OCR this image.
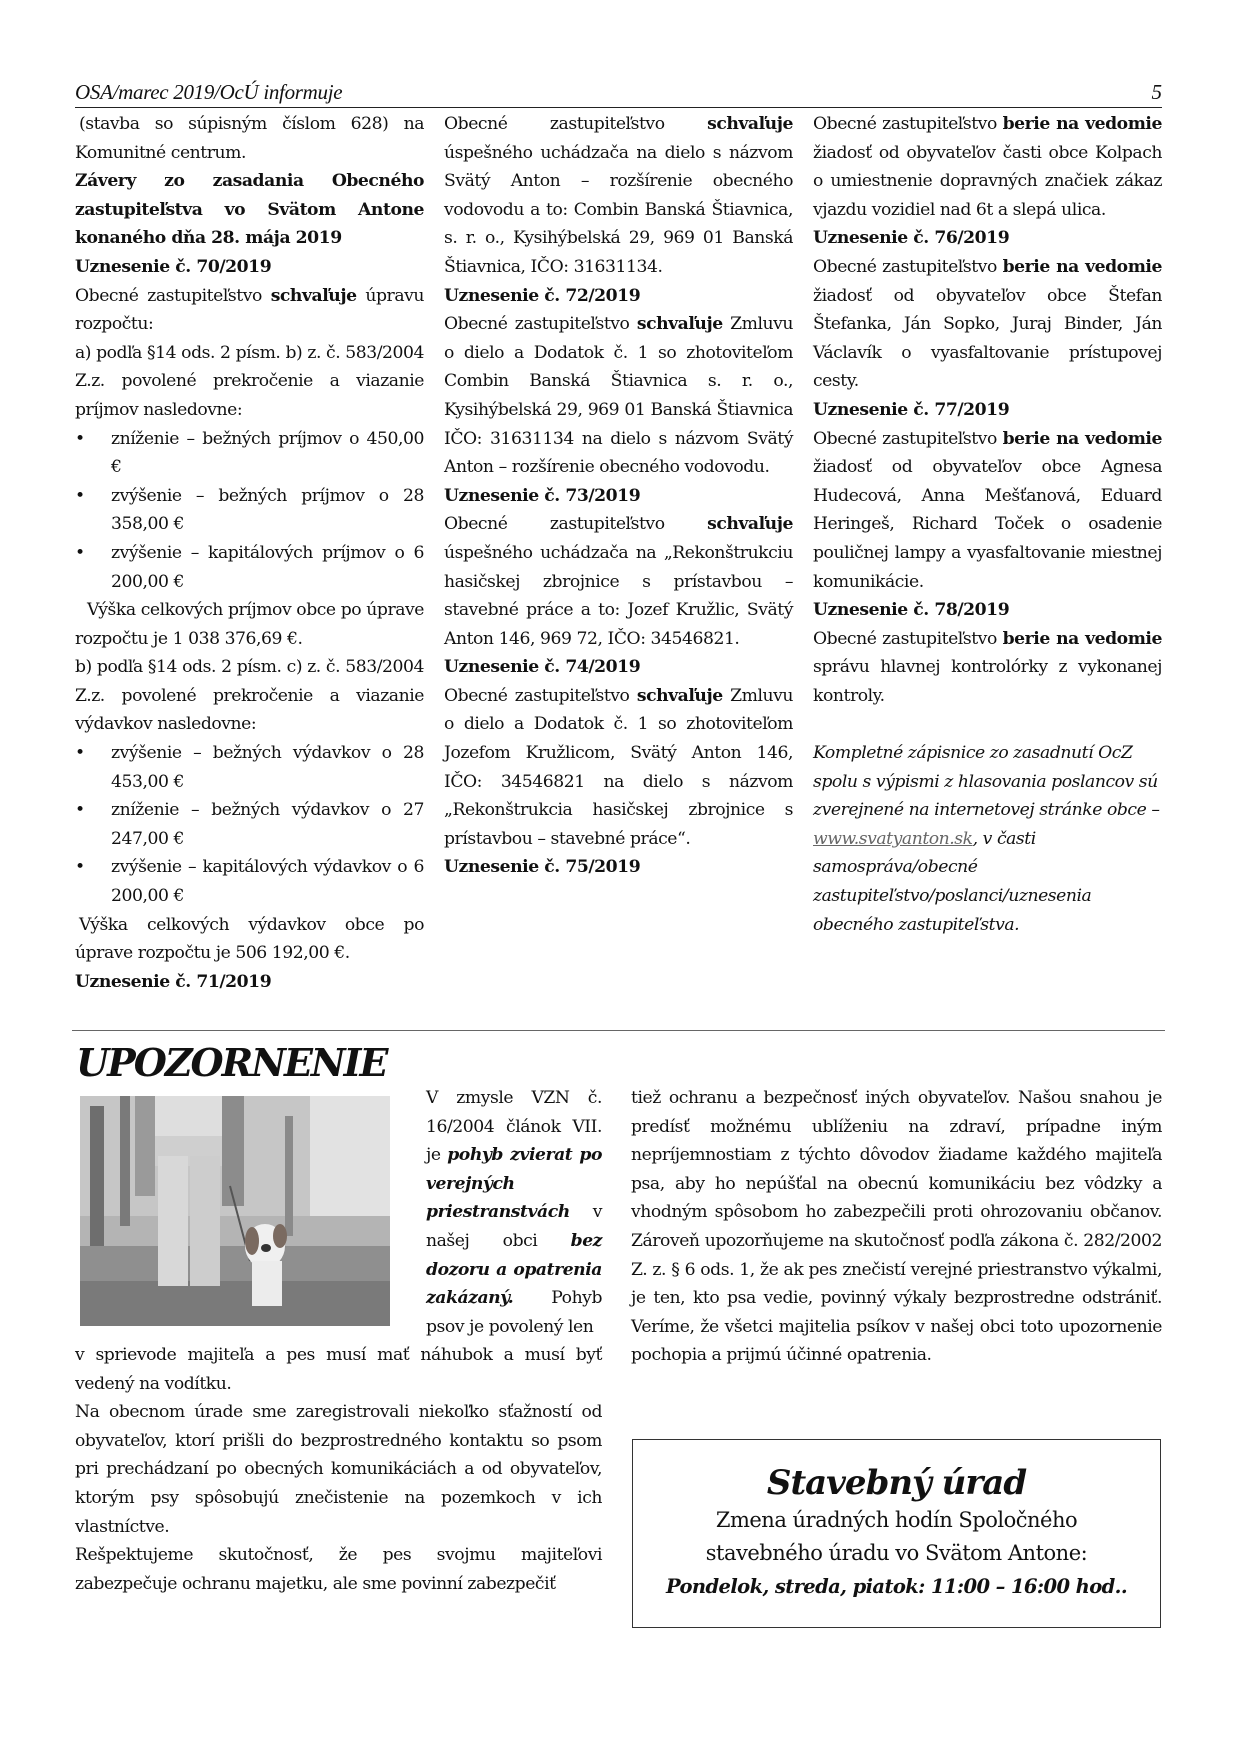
OSA/marec 2019/OcÚ informuje	5

(stavba so súpisným číslom 628) na Komunitné centrum.

Závery zo zasadania Obecného zastupiteľstva vo Svätom Antone konaného dňa 28. mája 2019

Uznesenie č. 70/2019

Obecné zastupiteľstvo schvaľuje úpravu rozpočtu:

a) podľa §14 ods. 2 písm. b) z. č. 583/2004 Z.z. povolené prekročenie a viazanie príjmov nasledovne:

• zníženie – bežných príjmov o 450,00 €
• zvýšenie – bežných príjmov o 28 358,00 €
• zvýšenie – kapitálových príjmov o 6 200,00 €

Výška celkových príjmov obce po úprave rozpočtu je 1 038 376,69 €.

b) podľa §14 ods. 2 písm. c) z. č. 583/2004 Z.z. povolené prekročenie a viazanie výdavkov nasledovne:

• zvýšenie – bežných výdavkov o 28 453,00 €
• zníženie – bežných výdavkov o 27 247,00 €
• zvýšenie – kapitálových výdavkov o 6 200,00 €

Výška celkových výdavkov obce po úprave rozpočtu je 506 192,00 €.

Uznesenie č. 71/2019

Obecné zastupiteľstvo schvaľuje úspešného uchádzača na dielo s názvom Svätý Anton – rozšírenie obecného vodovodu a to: Combin Banská Štiavnica, s. r. o., Kysihýbelská 29, 969 01 Banská Štiavnica, IČO: 31631134.

Uznesenie č. 72/2019

Obecné zastupiteľstvo schvaľuje Zmluvu o dielo a Dodatok č. 1 so zhotoviteľom Combin Banská Štiavnica s. r. o., Kysihýbelská 29, 969 01 Banská Štiavnica IČO: 31631134 na dielo s názvom Svätý Anton – rozšírenie obecného vodovodu.

Uznesenie č. 73/2019

Obecné zastupiteľstvo schvaľuje úspešného uchádzača na „Rekonštrukciu hasičskej zbrojnice s prístavbou – stavebné práce a to: Jozef Kružlic, Svätý Anton 146, 969 72, IČO: 34546821.

Uznesenie č. 74/2019

Obecné zastupiteľstvo schvaľuje Zmluvu o dielo a Dodatok č. 1 so zhotoviteľom Jozefom Kružlicom, Svätý Anton 146, IČO: 34546821 na dielo s názvom „Rekonštrukcia hasičskej zbrojnice s prístavbou – stavebné práce“.

Uznesenie č. 75/2019

Obecné zastupiteľstvo berie na vedomie žiadosť od obyvateľov časti obce Kolpach o umiestnenie dopravných značiek zákaz vjazdu vozidiel nad 6t a slepá ulica.

Uznesenie č. 76/2019

Obecné zastupiteľstvo berie na vedomie žiadosť od obyvateľov obce Štefan Štefanka, Ján Sopko, Juraj Binder, Ján Václavík o vyasfaltovanie prístupovej cesty.

Uznesenie č. 77/2019

Obecné zastupiteľstvo berie na vedomie žiadosť od obyvateľov obce Agnesa Hudecová, Anna Mešťanová, Eduard Heringeš, Richard Toček o osadenie pouličnej lampy a vyasfaltovanie miestnej komunikácie.

Uznesenie č. 78/2019

Obecné zastupiteľstvo berie na vedomie správu hlavnej kontrolórky z vykonanej kontroly.

Kompletné zápisnice zo zasadnutí OcZ spolu s výpismi z hlasovania poslancov sú zverejnené na internetovej stránke obce – www.svatyanton.sk, v časti samospráva/obecné zastupiteľstvo/poslanci/uznesenia obecného zastupiteľstva.

UPOZORNENIE

V zmysle VZN č. 16/2004 článok VII. je pohyb zvierat po verejných priestranstvách v našej obci bez dozoru a opatrenia zakázaný. Pohyb psov je povolený len

v sprievode majiteľa a pes musí mať náhubok a musí byť vedený na vodítku.

Na obecnom úrade sme zaregistrovali niekoľko sťažností od obyvateľov, ktorí prišli do bezprostredného kontaktu so psom pri prechádzaní po obecných komunikáciách a od obyvateľov, ktorým psy spôsobujú znečistenie na pozemkoch v ich vlastníctve.

Rešpektujeme skutočnosť, že pes svojmu majiteľovi zabezpečuje ochranu majetku, ale sme povinní zabezpečiť

tiež ochranu a bezpečnosť iných obyvateľov. Našou snahou je predísť možnému ublíženiu na zdraví, prípadne iným nepríjemnostiam z týchto dôvodov žiadame každého majiteľa psa, aby ho nepúšťal na obecnú komunikáciu bez vôdzky a vhodným spôsobom ho zabezpečili proti ohrozovaniu občanov. Zároveň upozorňujeme na skutočnosť podľa zákona č. 282/2002 Z. z. § 6 ods. 1, že ak pes znečistí verejné priestranstvo výkalmi, je ten, kto psa vedie, povinný výkaly bezprostredne odstrániť. Veríme, že všetci majitelia psíkov v našej obci toto upozornenie pochopia a prijmú účinné opatrenia.

Stavebný úrad
Zmena úradných hodín Spoločného
stavebného úradu vo Svätom Antone:
Pondelok, streda, piatok: 11:00 – 16:00 hod..
